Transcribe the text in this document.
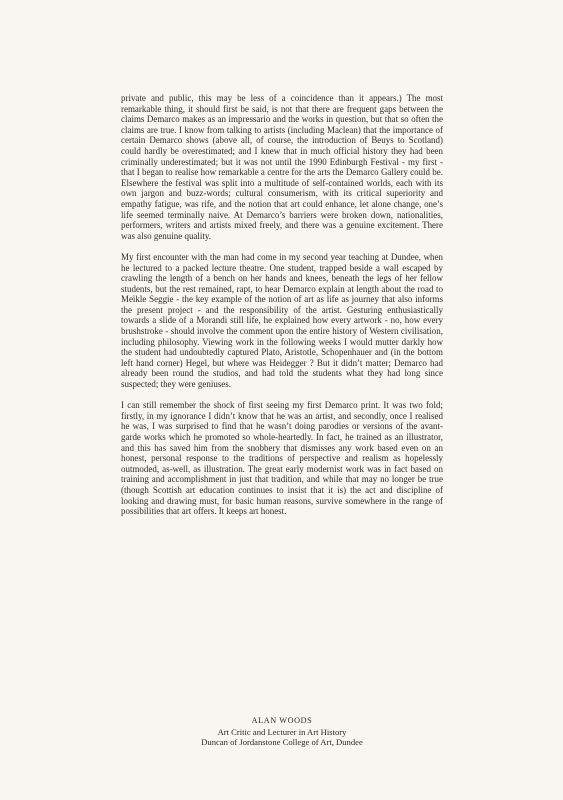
private and public, this may be less of a coincidence than it appears.) The most remarkable thing, it should first be said, is not that there are frequent gaps between the claims Demarco makes as an impressario and the works in question, but that so often the claims are true. I know from talking to artists (including Maclean) that the importance of certain Demarco shows (above all, of course, the introduction of Beuys to Scotland) could hardly be overestimated; and I knew that in much official history they had been criminally underestimated; but it was not until the 1990 Edinburgh Festival - my first - that I began to realise how remarkable a centre for the arts the Demarco Gallery could be. Elsewhere the festival was split into a multitude of self-contained worlds, each with its own jargon and buzz-words; cultural consumerism, with its critical superiority and empathy fatigue, was rife, and the notion that art could enhance, let alone change, one’s life seemed terminally naive. At Demarco’s barriers were broken down, nationalities, performers, writers and artists mixed freely, and there was a genuine excitement. There was also genuine quality.

My first encounter with the man had come in my second year teaching at Dundee, when he lectured to a packed lecture theatre. One student, trapped beside a wall escaped by crawling the length of a bench on her hands and knees, beneath the legs of her fellow students, but the rest remained, rapt, to hear Demarco explain at length about the road to Meikle Seggie - the key example of the notion of art as life as journey that also informs the present project - and the responsibility of the artist. Gesturing enthusiastically towards a slide of a Morandi still life, he explained how every artwork - no, how every brushstroke - should involve the comment upon the entire history of Western civilisation, including philosophy. Viewing work in the following weeks I would mutter darkly how the student had undoubtedly captured Plato, Aristotle, Schopenhauer and (in the bottom left hand corner) Hegel, but where was Heidegger ? But it didn’t matter; Demarco had already been round the studios, and had told the students what they had long since suspected; they were geniuses.

I can still remember the shock of first seeing my first Demarco print. It was two fold; firstly, in my ignorance I didn’t know that he was an artist, and secondly, once I realised he was, I was surprised to find that he wasn’t doing parodies or versions of the avant-garde works which he promoted so whole-heartedly. In fact, he trained as an illustrator, and this has saved him from the snobbery that dismisses any work based even on an honest, personal response to the traditions of perspective and realism as hopelessly outmoded, as-well, as illustration. The great early modernist work was in fact based on training and accomplishment in just that tradition, and while that may no longer be true (though Scottish art education continues to insist that it is) the act and discipline of looking and drawing must, for basic human reasons, survive somewhere in the range of possibilities that art offers. It keeps art honest.

ALAN WOODS
Art Critic and Lecturer in Art History
Duncan of Jordanstone College of Art, Dundee
